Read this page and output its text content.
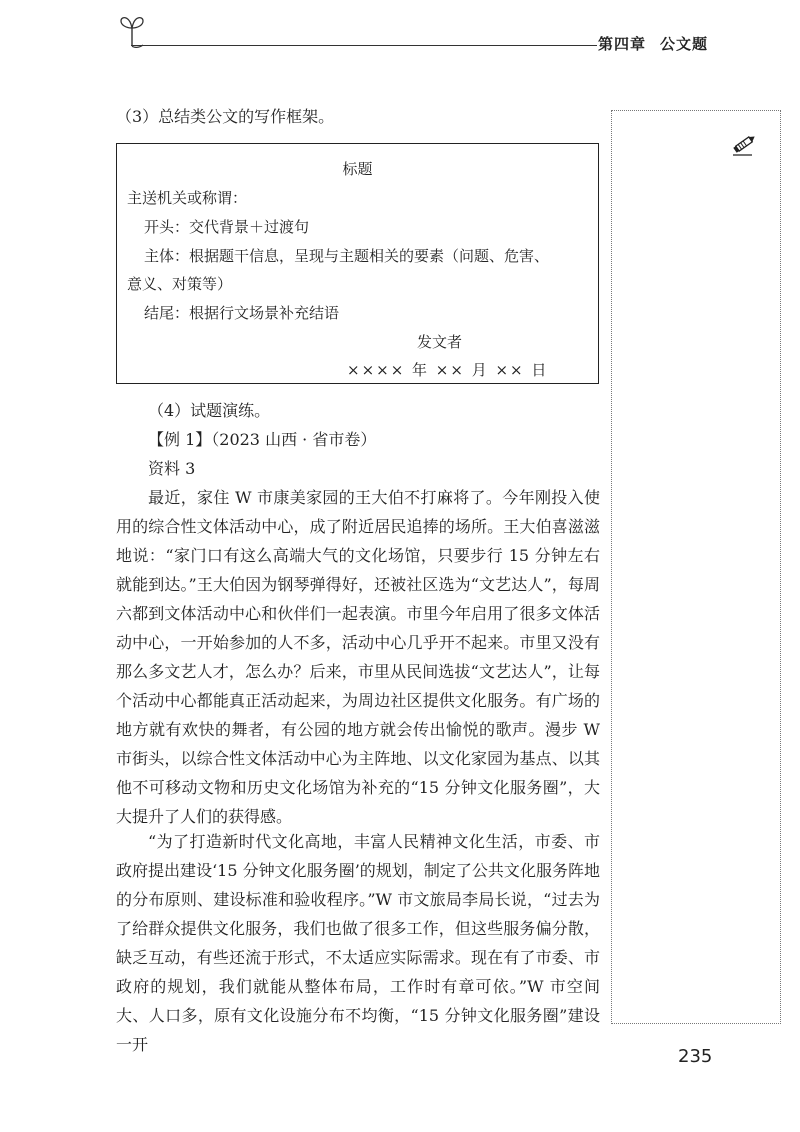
第四章 公文题
（3）总结类公文的写作框架。
标题
主送机关或称谓：
开头：交代背景＋过渡句
主体：根据题干信息，呈现与主题相关的要素（问题、危害、
意义、对策等）
结尾：根据行文场景补充结语
发文者
×××× 年 ×× 月 ×× 日
（4）试题演练。
【例 1】（2023 山西 · 省市卷）
资料 3
最近，家住 W 市康美家园的王大伯不打麻将了。今年刚投入使用的综合性文体活动中心，成了附近居民追捧的场所。王大伯喜滋滋地说：“家门口有这么高端大气的文化场馆，只要步行 15 分钟左右就能到达。”王大伯因为钢琴弹得好，还被社区选为“文艺达人”，每周六都到文体活动中心和伙伴们一起表演。市里今年启用了很多文体活动中心，一开始参加的人不多，活动中心几乎开不起来。市里又没有那么多文艺人才，怎么办？后来，市里从民间选拔“文艺达人”，让每个活动中心都能真正活动起来，为周边社区提供文化服务。有广场的地方就有欢快的舞者，有公园的地方就会传出愉悦的歌声。漫步 W 市街头，以综合性文体活动中心为主阵地、以文化家园为基点、以其他不可移动文物和历史文化场馆为补充的“15 分钟文化服务圈”，大大提升了人们的获得感。
“为了打造新时代文化高地，丰富人民精神文化生活，市委、市政府提出建设‘15 分钟文化服务圈’的规划，制定了公共文化服务阵地的分布原则、建设标准和验收程序。”W 市文旅局李局长说，“过去为了给群众提供文化服务，我们也做了很多工作，但这些服务偏分散，缺乏互动，有些还流于形式，不太适应实际需求。现在有了市委、市政府的规划，我们就能从整体布局，工作时有章可依。”W 市空间大、人口多，原有文化设施分布不均衡，“15 分钟文化服务圈”建设一开
235
